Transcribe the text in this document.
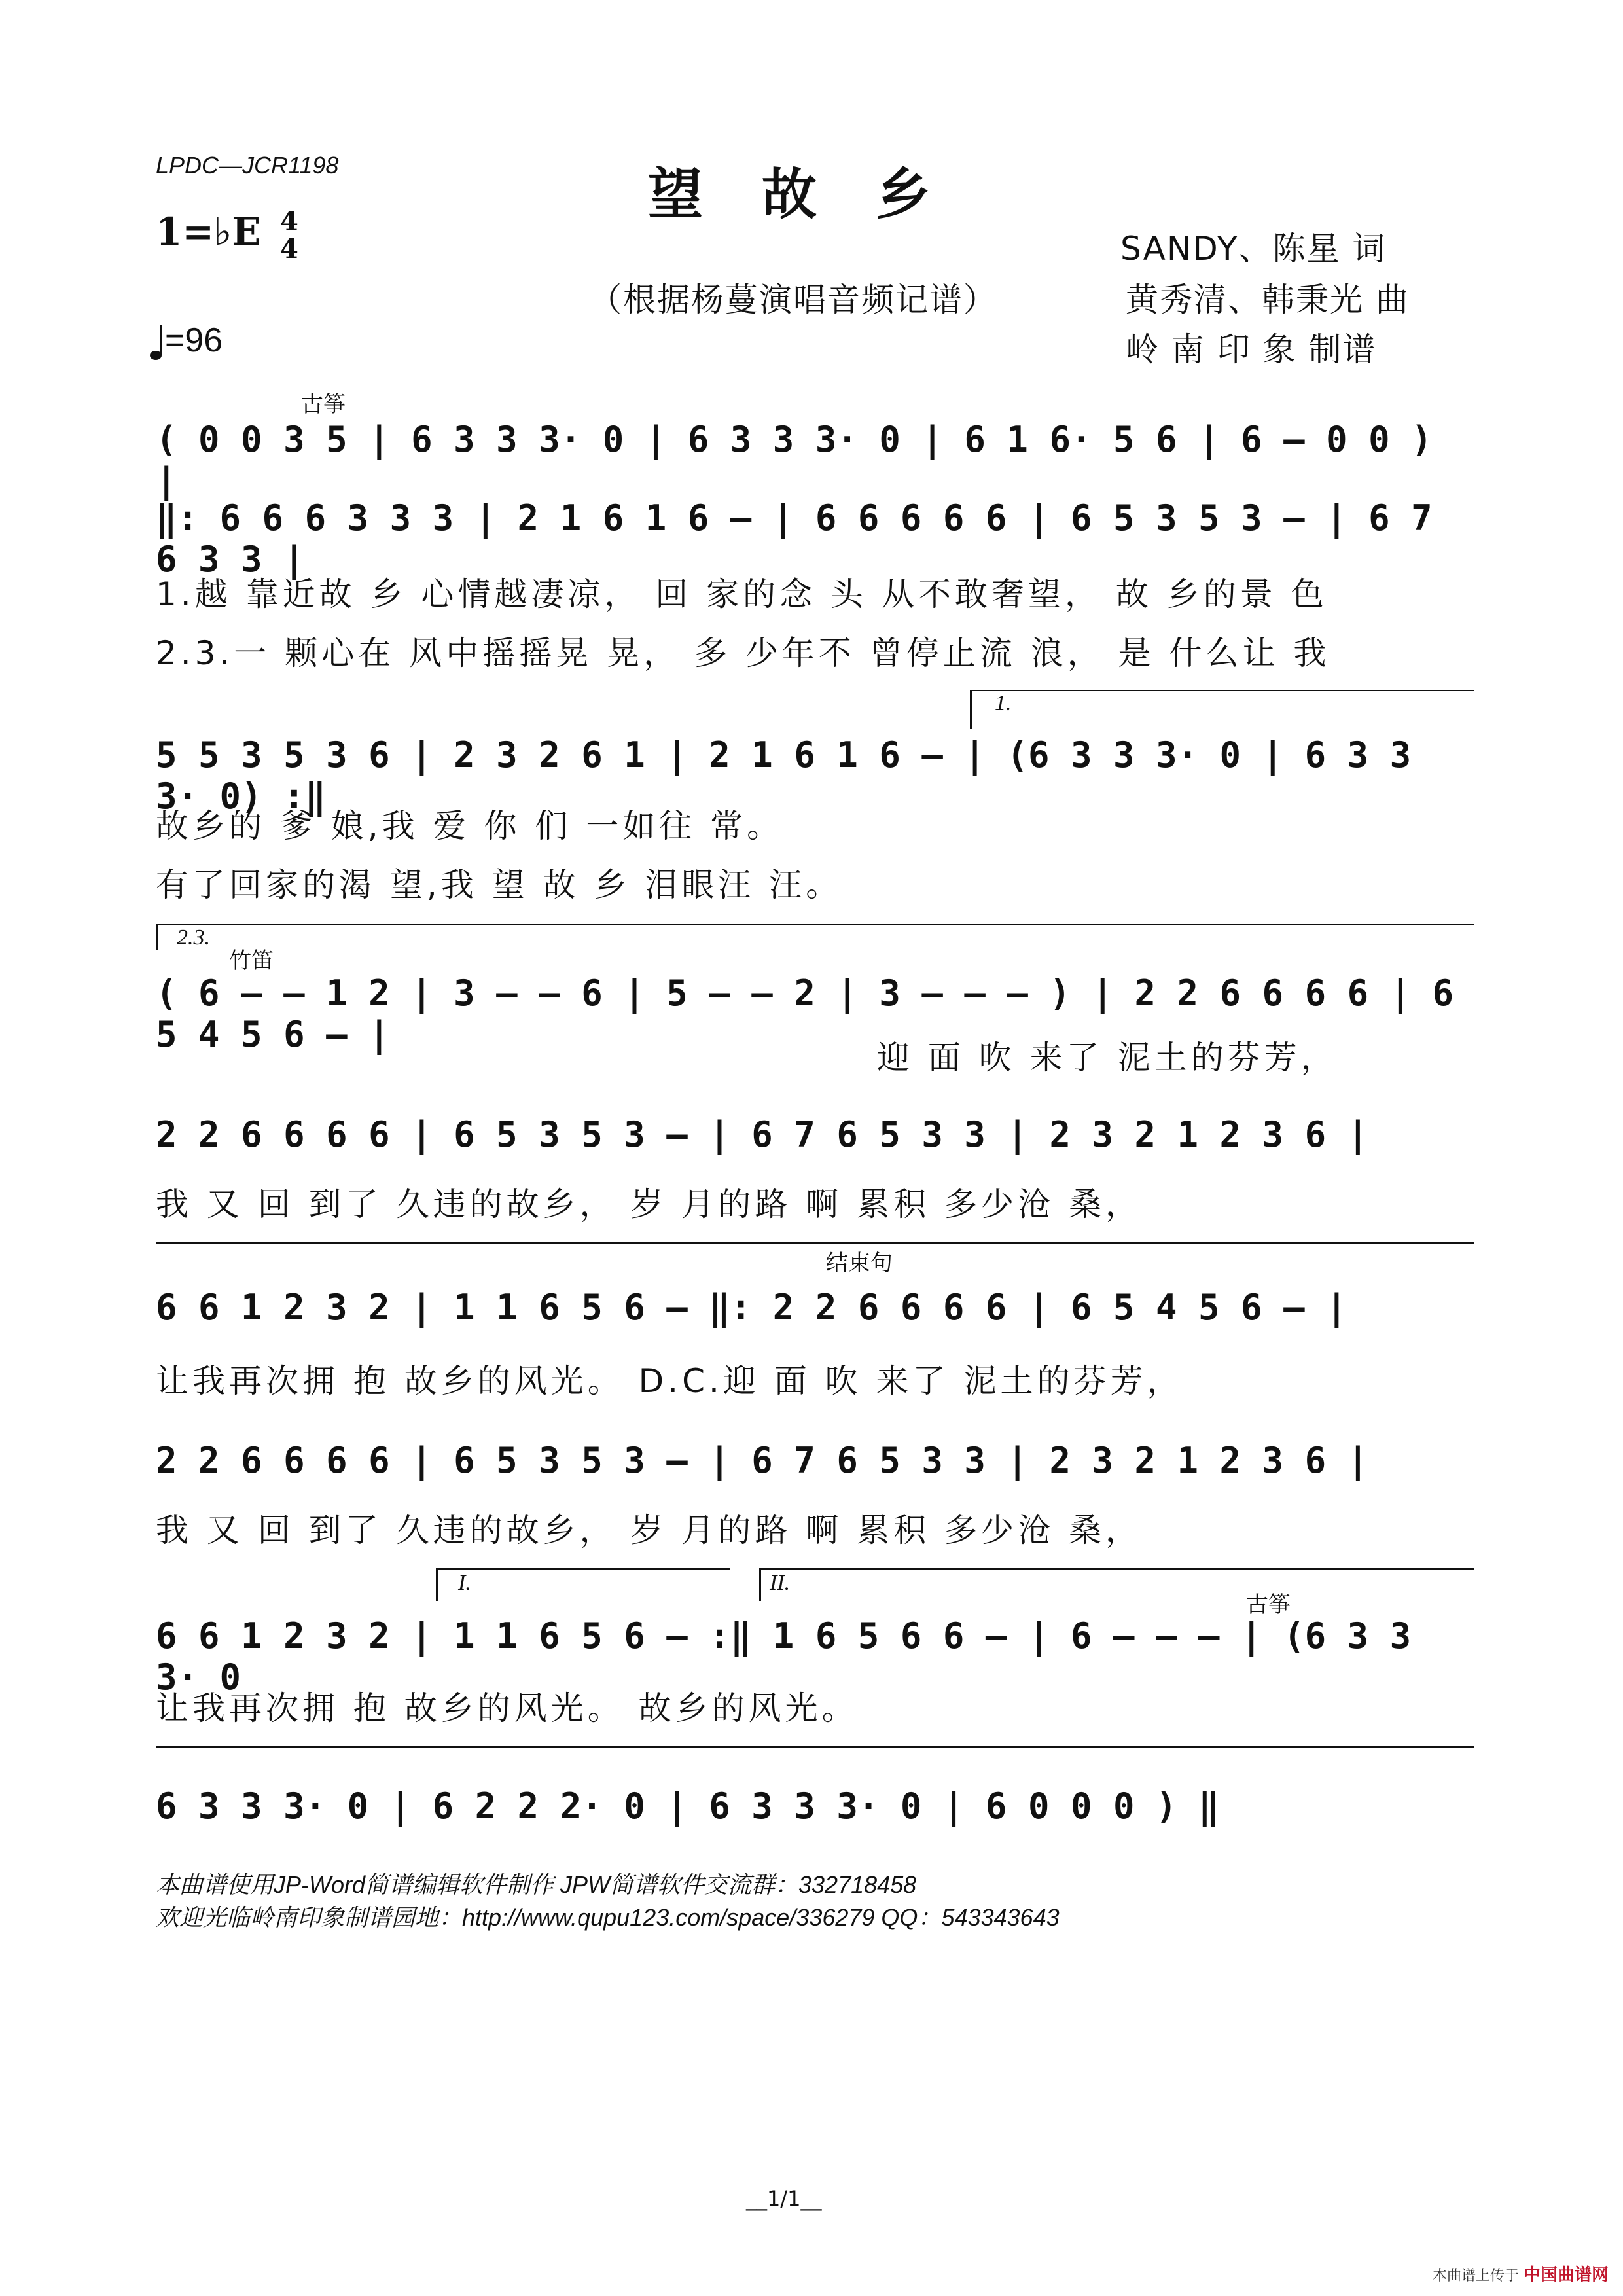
LPDC—JCR1198	望故乡
1=♭E 4
4
=96
SANDY、陈星 词
（根据杨蔓演唱音频记谱）	黄秀清、韩秉光 曲
岭 南 印 象 制谱
古筝
( 0 0 3 5 | 6 3 3 3· 0 | 6 3 3 3· 0 | 6 1 6· 5 6 | 6 – 0 0 ) |
‖: 6 6 6 3 3 3 | 2 1 6 1 6 – | 6 6 6 6 6 | 6 5 3 5 3 – | 6 7 6 3 3 |
1.越 靠近故 乡 心情越凄凉， 回 家的念 头 从不敢奢望， 故 乡的景 色
2.3.一 颗心在 风中摇摇晃 晃， 多 少年不 曾停止流 浪， 是 什么让 我
1.
5 5 3 5 3 6 | 2 3 2 6 1 | 2 1 6 1 6 – | (6 3 3 3· 0 | 6 3 3 3· 0) :‖
故乡的 爹 娘,我 爱 你 们 一如往 常。
有了回家的渴 望,我 望 故 乡 泪眼汪 汪。
2.3.
竹笛
( 6 – – 1 2 | 3 – – 6 | 5 – – 2 | 3 – – – ) | 2 2 6 6 6 6 | 6 5 4 5 6 – |
迎 面 吹 来了 泥土的芬芳，
2 2 6 6 6 6 | 6 5 3 5 3 – | 6 7 6 5 3 3 | 2 3 2 1 2 3 6 |
我 又 回 到了 久违的故乡， 岁 月的路 啊 累积 多少沧 桑，
结束句
6 6 1 2 3 2 | 1 1 6 5 6 – ‖: 2 2 6 6 6 6 | 6 5 4 5 6 – |
让我再次拥 抱 故乡的风光。 D.C.迎 面 吹 来了 泥土的芬芳，
2 2 6 6 6 6 | 6 5 3 5 3 – | 6 7 6 5 3 3 | 2 3 2 1 2 3 6 |
我 又 回 到了 久违的故乡， 岁 月的路 啊 累积 多少沧 桑，
I.	II.
古筝
6 6 1 2 3 2 | 1 1 6 5 6 – :‖ 1 6 5 6 6 – | 6 – – – | (6 3 3 3· 0
让我再次拥 抱 故乡的风光。 故乡的风光。
6 3 3 3· 0 | 6 2 2 2· 0 | 6 3 3 3· 0 | 6 0 0 0 ) ‖
本曲谱使用JP-Word简谱编辑软件制作 JPW简谱软件交流群：332718458
欢迎光临岭南印象制谱园地：http://www.qupu123.com/space/336279 QQ：543343643
__1/1__
本曲谱上传于 中国曲谱网
